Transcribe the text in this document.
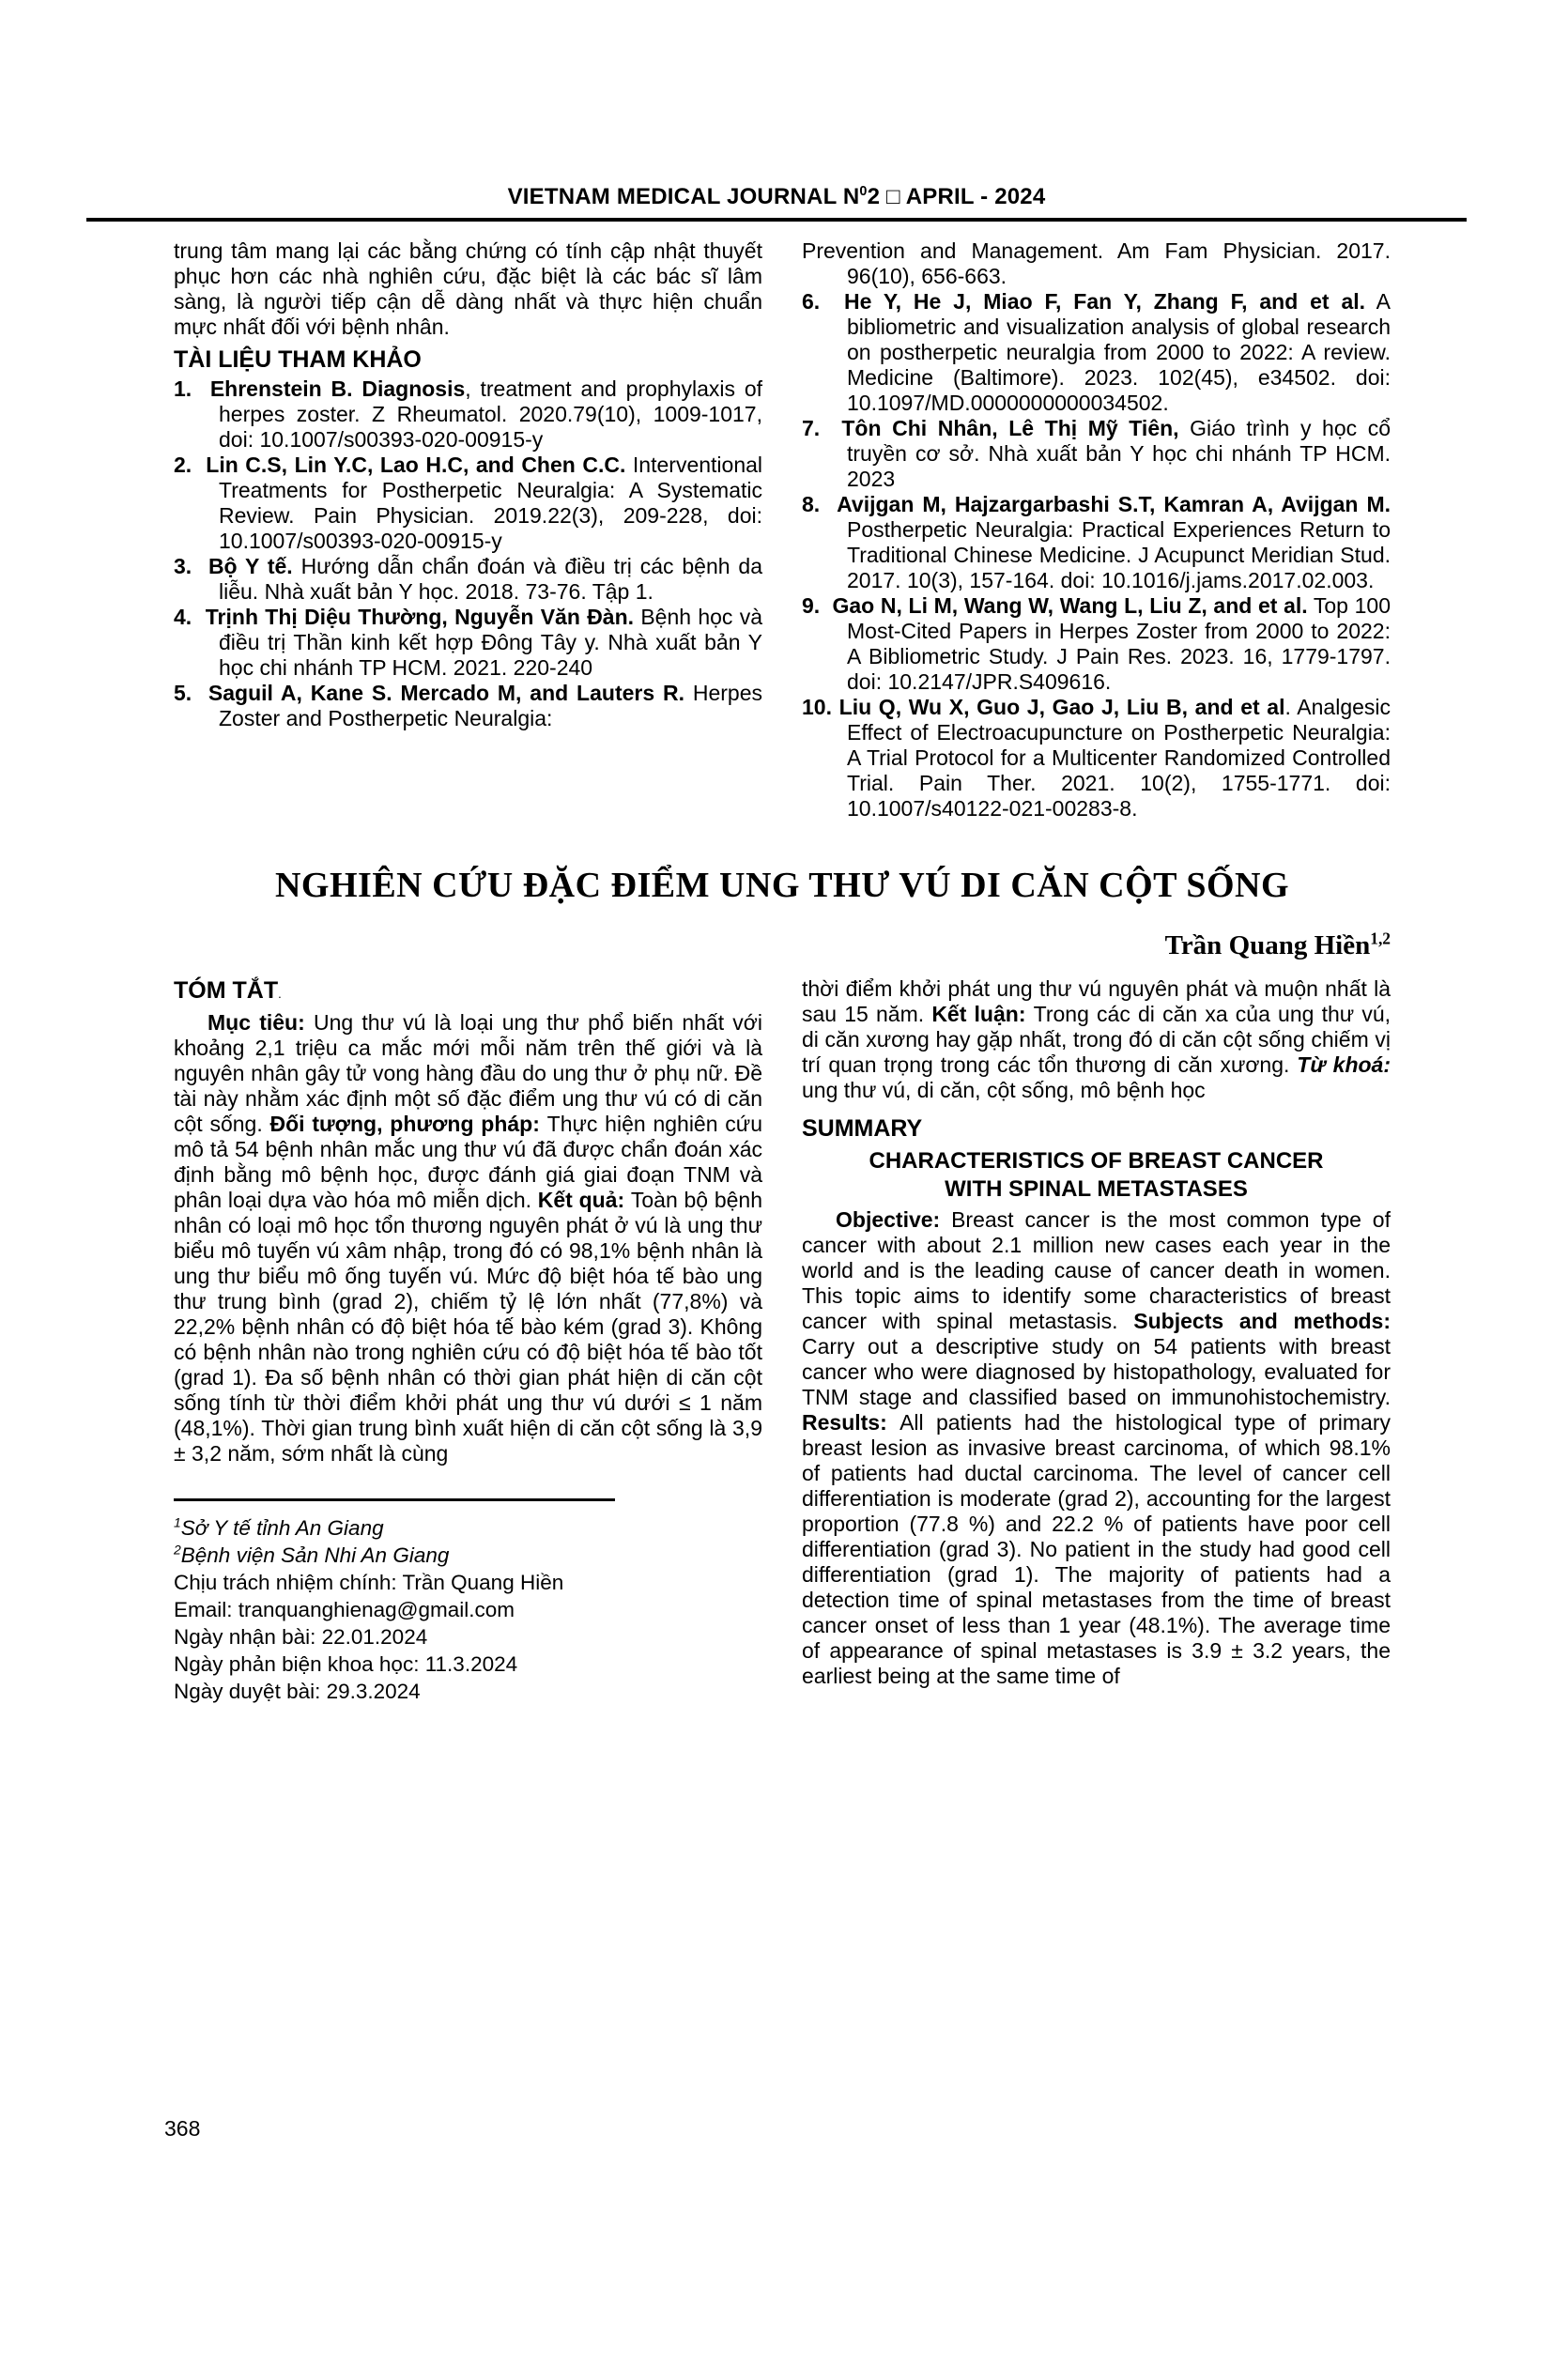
VIETNAM MEDICAL JOURNAL $N^02$ □ APRIL - 2024
trung tâm mang lại các bằng chứng có tính cập nhật thuyết phục hơn các nhà nghiên cứu, đặc biệt là các bác sĩ lâm sàng, là người tiếp cận dễ dàng nhất và thực hiện chuẩn mực nhất đối với bệnh nhân.
TÀI LIỆU THAM KHẢO
1. Ehrenstein B. Diagnosis, treatment and prophylaxis of herpes zoster. Z Rheumatol. 2020.79(10), 1009-1017, doi: 10.1007/s00393-020-00915-y
2. Lin C.S, Lin Y.C, Lao H.C, and Chen C.C. Interventional Treatments for Postherpetic Neuralgia: A Systematic Review. Pain Physician. 2019.22(3), 209-228, doi: 10.1007/s00393-020-00915-y
3. Bộ Y tế. Hướng dẫn chẩn đoán và điều trị các bệnh da liễu. Nhà xuất bản Y học. 2018. 73-76. Tập 1.
4. Trịnh Thị Diệu Thường, Nguyễn Văn Đàn. Bệnh học và điều trị Thần kinh kết hợp Đông Tây y. Nhà xuất bản Y học chi nhánh TP HCM. 2021. 220-240
5. Saguil A, Kane S. Mercado M, and Lauters R. Herpes Zoster and Postherpetic Neuralgia:
Prevention and Management. Am Fam Physician. 2017. 96(10), 656-663.
6. He Y, He J, Miao F, Fan Y, Zhang F, and et al. A bibliometric and visualization analysis of global research on postherpetic neuralgia from 2000 to 2022: A review. Medicine (Baltimore). 2023. 102(45), e34502. doi: 10.1097/MD.0000000000034502.
7. Tôn Chi Nhân, Lê Thị Mỹ Tiên, Giáo trình y học cổ truyền cơ sở. Nhà xuất bản Y học chi nhánh TP HCM. 2023
8. Avijgan M, Hajzargarbashi S.T, Kamran A, Avijgan M. Postherpetic Neuralgia: Practical Experiences Return to Traditional Chinese Medicine. J Acupunct Meridian Stud. 2017. 10(3), 157-164. doi: 10.1016/j.jams.2017.02.003.
9. Gao N, Li M, Wang W, Wang L, Liu Z, and et al. Top 100 Most-Cited Papers in Herpes Zoster from 2000 to 2022: A Bibliometric Study. J Pain Res. 2023. 16, 1779-1797. doi: 10.2147/JPR.S409616.
10. Liu Q, Wu X, Guo J, Gao J, Liu B, and et al. Analgesic Effect of Electroacupuncture on Postherpetic Neuralgia: A Trial Protocol for a Multicenter Randomized Controlled Trial. Pain Ther. 2021. 10(2), 1755-1771. doi: 10.1007/s40122-021-00283-8.
NGHIÊN CỨU ĐẶC ĐIỂM UNG THƯ VÚ DI CĂN CỘT SỐNG
Trần Quang Hiền$^{1,2}$
TÓM TẮT.
Mục tiêu: Ung thư vú là loại ung thư phổ biến nhất với khoảng 2,1 triệu ca mắc mới mỗi năm trên thế giới và là nguyên nhân gây tử vong hàng đầu do ung thư ở phụ nữ. Đề tài này nhằm xác định một số đặc điểm ung thư vú có di căn cột sống. Đối tượng, phương pháp: Thực hiện nghiên cứu mô tả 54 bệnh nhân mắc ung thư vú đã được chẩn đoán xác định bằng mô bệnh học, được đánh giá giai đoạn TNM và phân loại dựa vào hóa mô miễn dịch. Kết quả: Toàn bộ bệnh nhân có loại mô học tổn thương nguyên phát ở vú là ung thư biểu mô tuyến vú xâm nhập, trong đó có 98,1% bệnh nhân là ung thư biểu mô ống tuyến vú. Mức độ biệt hóa tế bào ung thư trung bình (grad 2), chiếm tỷ lệ lớn nhất (77,8%) và 22,2% bệnh nhân có độ biệt hóa tế bào kém (grad 3). Không có bệnh nhân nào trong nghiên cứu có độ biệt hóa tế bào tốt (grad 1). Đa số bệnh nhân có thời gian phát hiện di căn cột sống tính từ thời điểm khởi phát ung thư vú dưới ≤ 1 năm (48,1%). Thời gian trung bình xuất hiện di căn cột sống là 3,9 ± 3,2 năm, sớm nhất là cùng
$^1$Sở Y tế tỉnh An Giang
$^2$Bệnh viện Sản Nhi An Giang
Chịu trách nhiệm chính: Trần Quang Hiền
Email: tranquanghienag@gmail.com
Ngày nhận bài: 22.01.2024
Ngày phản biện khoa học: 11.3.2024
Ngày duyệt bài: 29.3.2024
thời điểm khởi phát ung thư vú nguyên phát và muộn nhất là sau 15 năm. Kết luận: Trong các di căn xa của ung thư vú, di căn xương hay gặp nhất, trong đó di căn cột sống chiếm vị trí quan trọng trong các tổn thương di căn xương. Từ khoá: ung thư vú, di căn, cột sống, mô bệnh học
SUMMARY
CHARACTERISTICS OF BREAST CANCER
WITH SPINAL METASTASES
Objective: Breast cancer is the most common type of cancer with about 2.1 million new cases each year in the world and is the leading cause of cancer death in women. This topic aims to identify some characteristics of breast cancer with spinal metastasis. Subjects and methods: Carry out a descriptive study on 54 patients with breast cancer who were diagnosed by histopathology, evaluated for TNM stage and classified based on immunohistochemistry. Results: All patients had the histological type of primary breast lesion as invasive breast carcinoma, of which 98.1% of patients had ductal carcinoma. The level of cancer cell differentiation is moderate (grad 2), accounting for the largest proportion (77.8 %) and 22.2 % of patients have poor cell differentiation (grad 3). No patient in the study had good cell differentiation (grad 1). The majority of patients had a detection time of spinal metastases from the time of breast cancer onset of less than 1 year (48.1%). The average time of appearance of spinal metastases is 3.9 ± 3.2 years, the earliest being at the same time of
368
